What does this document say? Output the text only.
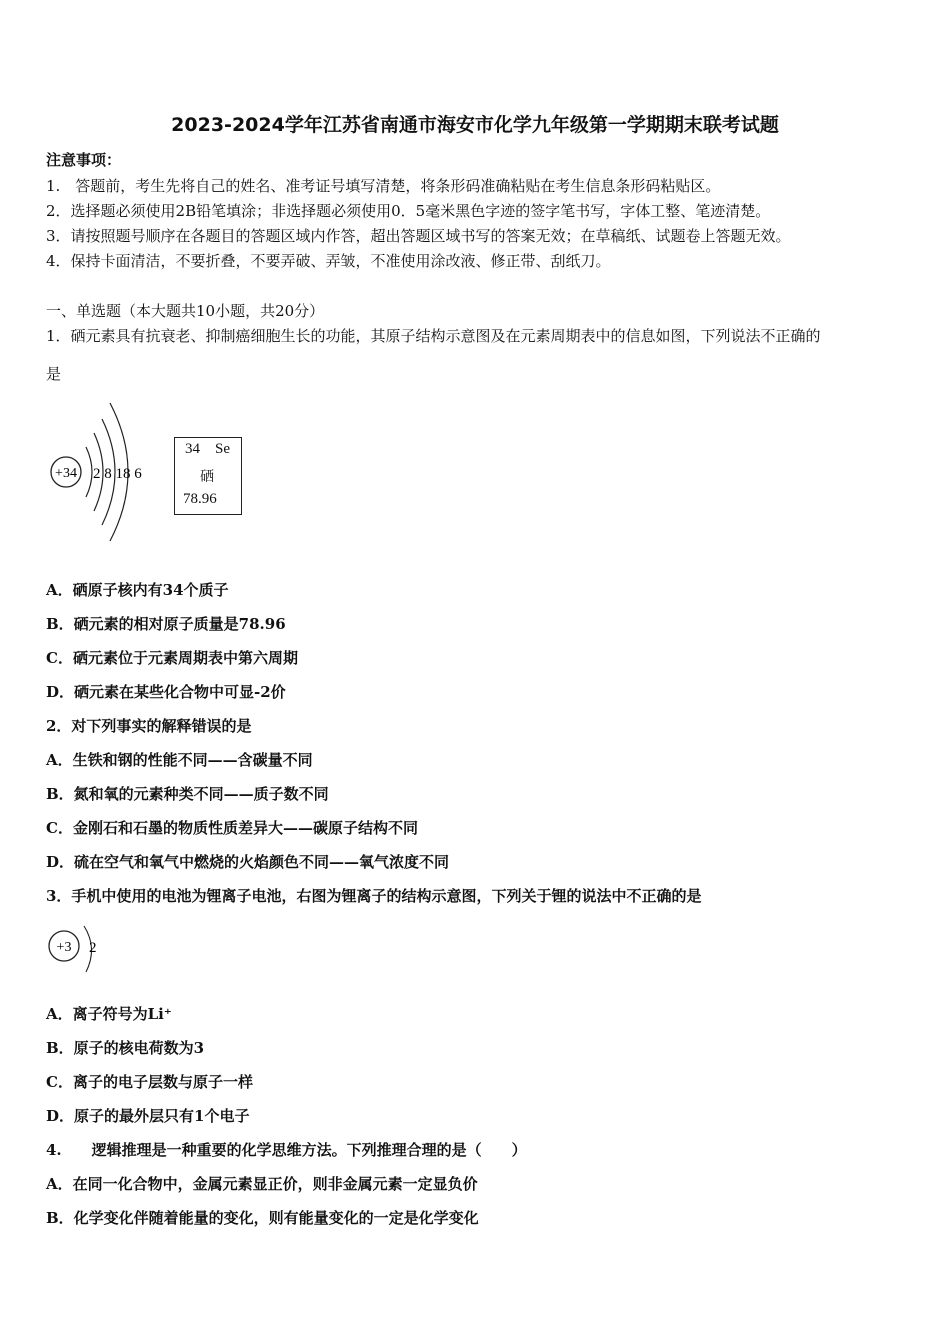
2023-2024学年江苏省南通市海安市化学九年级第一学期期末联考试题
注意事项：
1.　答题前，考生先将自己的姓名、准考证号填写清楚，将条形码准确粘贴在考生信息条形码粘贴区。
2．选择题必须使用2B铅笔填涂；非选择题必须使用0．5毫米黑色字迹的签字笔书写，字体工整、笔迹清楚。
3．请按照题号顺序在各题目的答题区域内作答，超出答题区域书写的答案无效；在草稿纸、试题卷上答题无效。
4．保持卡面清洁，不要折叠，不要弄破、弄皱，不准使用涂改液、修正带、刮纸刀。
一、单选题（本大题共10小题，共20分）
1．硒元素具有抗衰老、抑制癌细胞生长的功能，其原子结构示意图及在元素周期表中的信息如图，下列说法不正确的
是
+34 2 8 18 6
34 Se
硒
78.96
A．硒原子核内有34个质子
B．硒元素的相对原子质量是78.96
C．硒元素位于元素周期表中第六周期
D．硒元素在某些化合物中可显-2价
2．对下列事实的解释错误的是
A．生铁和钢的性能不同——含碳量不同
B．氮和氧的元素种类不同——质子数不同
C．金刚石和石墨的物质性质差异大——碳原子结构不同
D．硫在空气和氧气中燃烧的火焰颜色不同——氧气浓度不同
3．手机中使用的电池为锂离子电池，右图为锂离子的结构示意图，下列关于锂的说法中不正确的是
+3 2
A．离子符号为Li⁺
B．原子的核电荷数为3
C．离子的电子层数与原子一样
D．原子的最外层只有1个电子
4.　　逻辑推理是一种重要的化学思维方法。下列推理合理的是（　　）
A．在同一化合物中，金属元素显正价，则非金属元素一定显负价
B．化学变化伴随着能量的变化，则有能量变化的一定是化学变化
